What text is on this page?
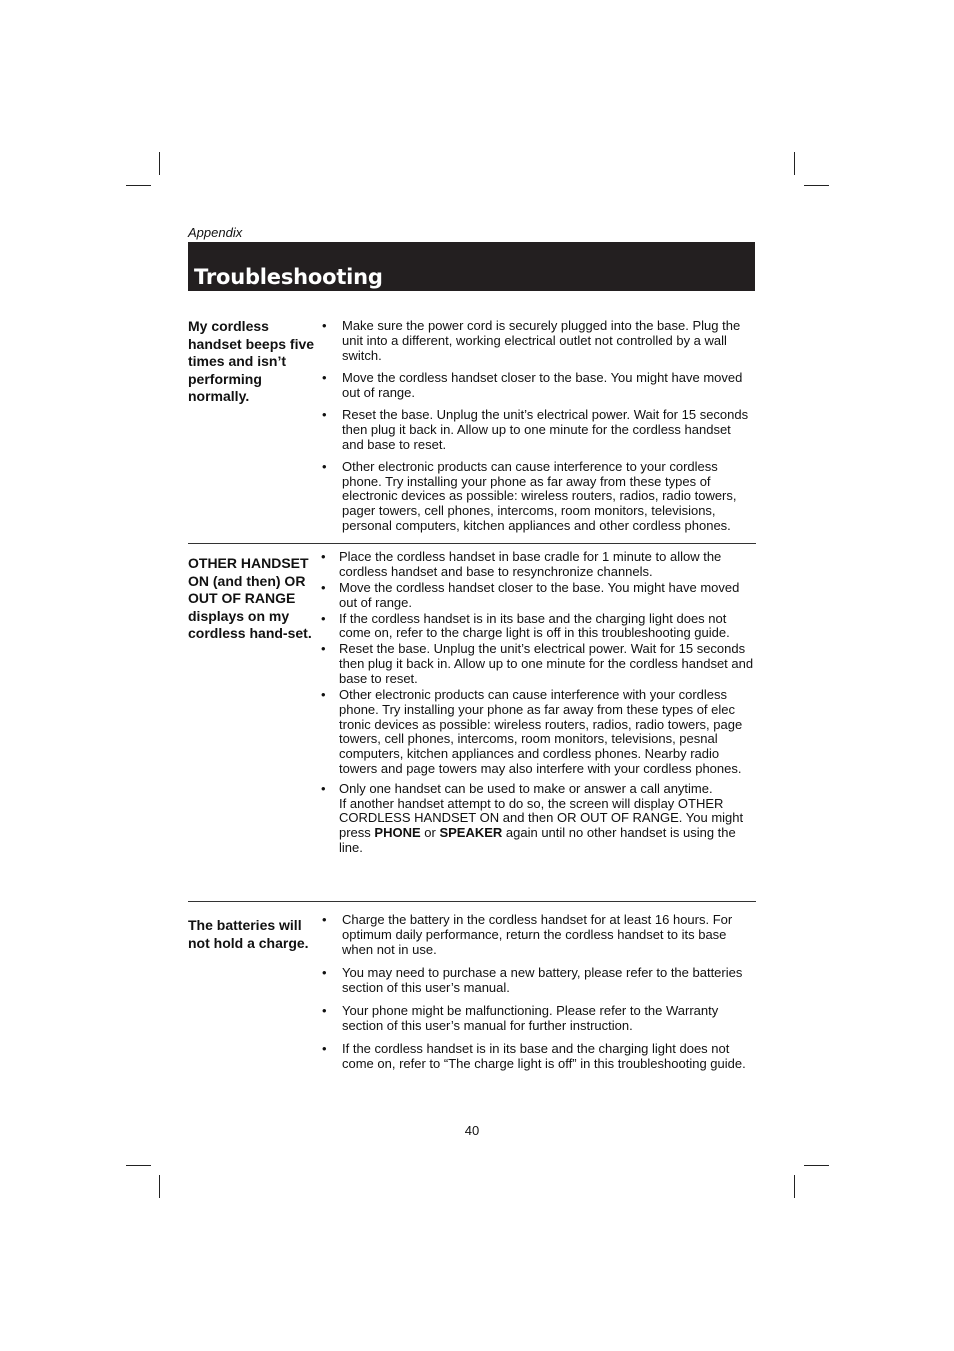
Appendix
Troubleshooting
My cordless handset beeps five times and isn’t performing normally.
• Make sure the power cord is securely plugged into the base. Plug the unit into a different, working electrical outlet not controlled by a wall switch.
• Move the cordless handset closer to the base. You might have moved out of range.
• Reset the base. Unplug the unit’s electrical power. Wait for 15 seconds then plug it back in. Allow up to one minute for the cordless handset and base to reset.
• Other electronic products can cause interference to your cordless phone. Try installing your phone as far away from these types of electronic devices as possible: wireless routers, radios, radio towers, pager towers, cell phones, intercoms, room monitors, televisions, personal computers, kitchen appliances and other cordless phones.
OTHER HANDSET ON (and then) OR OUT OF RANGE displays on my cordless hand-set.
• Place the cordless handset in base cradle for 1 minute to allow the cordless handset and base to resynchronize channels.
• Move the cordless handset closer to the base. You might have moved out of range.
• If the cordless handset is in its base and the charging light does not come on, refer to the charge light is off in this troubleshooting guide.
• Reset the base. Unplug the unit’s electrical power. Wait for 15 seconds then plug it back in. Allow up to one minute for the cordless handset and base to reset.
• Other electronic products can cause interference with your cordless phone. Try installing your phone as far away from these types of elec tronic devices as possible: wireless routers, radios, radio towers, page towers, cell phones, intercoms, room monitors, televisions, pesnal computers, kitchen appliances and cordless phones. Nearby radio towers and page towers may also interfere with your cordless phones.
• Only one handset can be used to make or answer a call anytime.
If another handset attempt to do so, the screen will display OTHER CORDLESS HANDSET ON and then OR OUT OF RANGE. You might press PHONE or SPEAKER again until no other handset is using the line.
The batteries will not hold a charge.
• Charge the battery in the cordless handset for at least 16 hours. For optimum daily performance, return the cordless handset to its base when not in use.
• You may need to purchase a new battery, please refer to the batteries section of this user’s manual.
• Your phone might be malfunctioning. Please refer to the Warranty section of this user’s manual for further instruction.
• If the cordless handset is in its base and the charging light does not come on, refer to “The charge light is off” in this troubleshooting guide.
40
